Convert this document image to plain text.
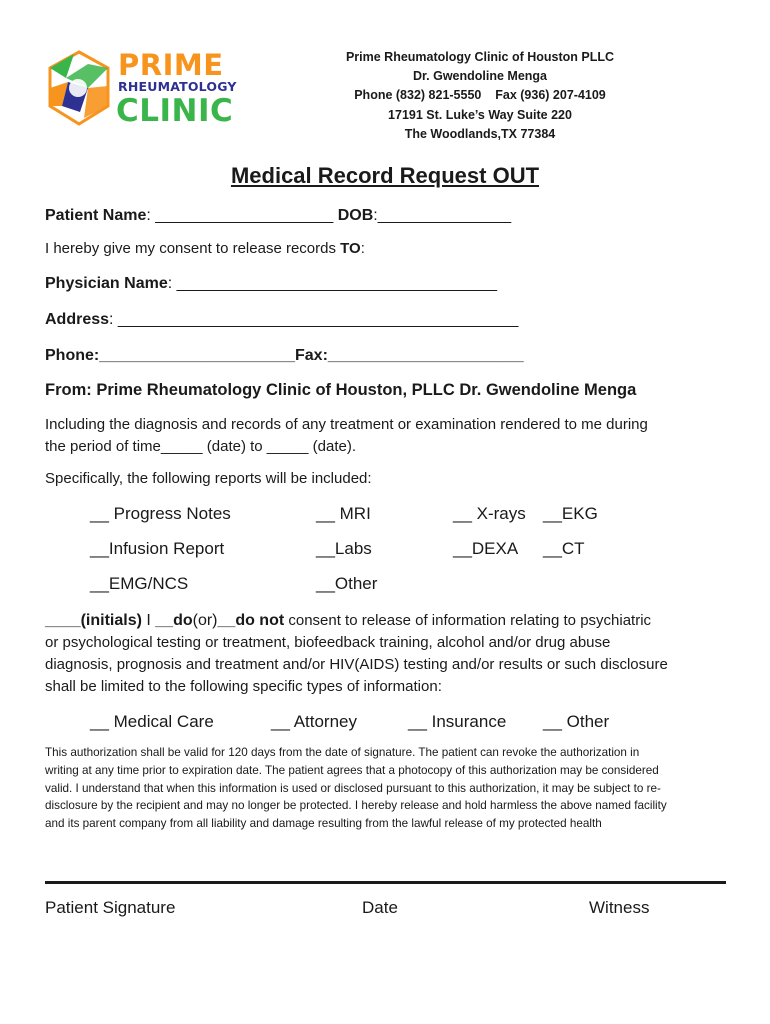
PRIME
RHEUMATOLOGY
CLINIC
Prime Rheumatology Clinic of Houston PLLC
Dr. Gwendoline Menga
Phone (832) 821-5550    Fax (936) 207-4109
17191 St. Luke’s Way Suite 220
The Woodlands,TX 77384
Medical Record Request OUT
Patient Name: ____________________ DOB:_______________
I hereby give my consent to release records TO:
Physician Name: ____________________________________
Address: _____________________________________________
Phone:______________________Fax:______________________
From: Prime Rheumatology Clinic of Houston, PLLC Dr. Gwendoline Menga
Including the diagnosis and records of any treatment or examination rendered to me during
the period of time_____ (date) to _____ (date).
Specifically, the following reports will be included:
__ Progress Notes	__ MRI	__ X-rays __EKG
__Infusion Report	__Labs	__DEXA __CT
__EMG/NCS	__Other
____(initials) I __do(or)__do not consent to release of information relating to psychiatric
or psychological testing or treatment, biofeedback training, alcohol and/or drug abuse
diagnosis, prognosis and treatment and/or HIV(AIDS) testing and/or results or such disclosure
shall be limited to the following specific types of information:
__ Medical Care	__ Attorney	__ Insurance __ Other
This authorization shall be valid for 120 days from the date of signature. The patient can revoke the authorization in
writing at any time prior to expiration date. The patient agrees that a photocopy of this authorization may be considered
valid. I understand that when this information is used or disclosed pursuant to this authorization, it may be subject to re-
disclosure by the recipient and may no longer be protected. I hereby release and hold harmless the above named facility
and its parent company from all liability and damage resulting from the lawful release of my protected health
Patient Signature	Date	Witness
